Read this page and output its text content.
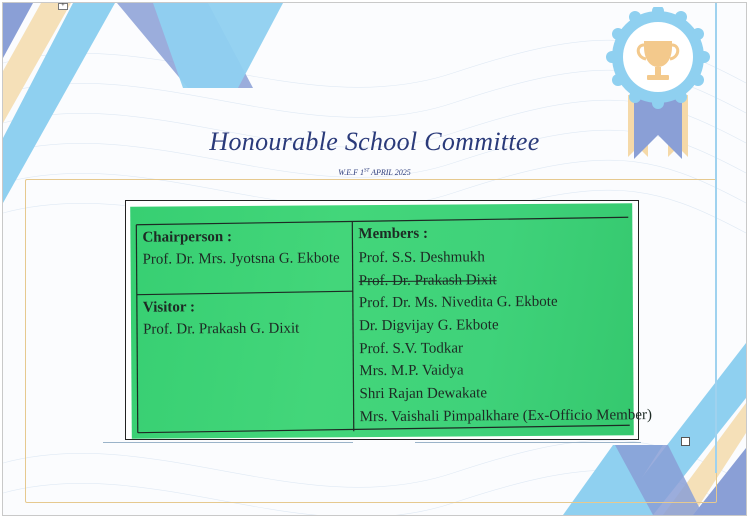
+
Honourable School Committee
W.E.F 1ST APRIL 2025
Chairperson :
Prof. Dr. Mrs. Jyotsna G. Ekbote
Visitor :
Prof. Dr. Prakash G. Dixit
Members :
Prof. S.S. Deshmukh
Prof. Dr. Prakash Dixit
Prof. Dr. Ms. Nivedita G. Ekbote
Dr. Digvijay G. Ekbote
Prof. S.V. Todkar
Mrs. M.P. Vaidya
Shri Rajan Dewakate
Mrs. Vaishali Pimpalkhare (Ex-Officio Member)
